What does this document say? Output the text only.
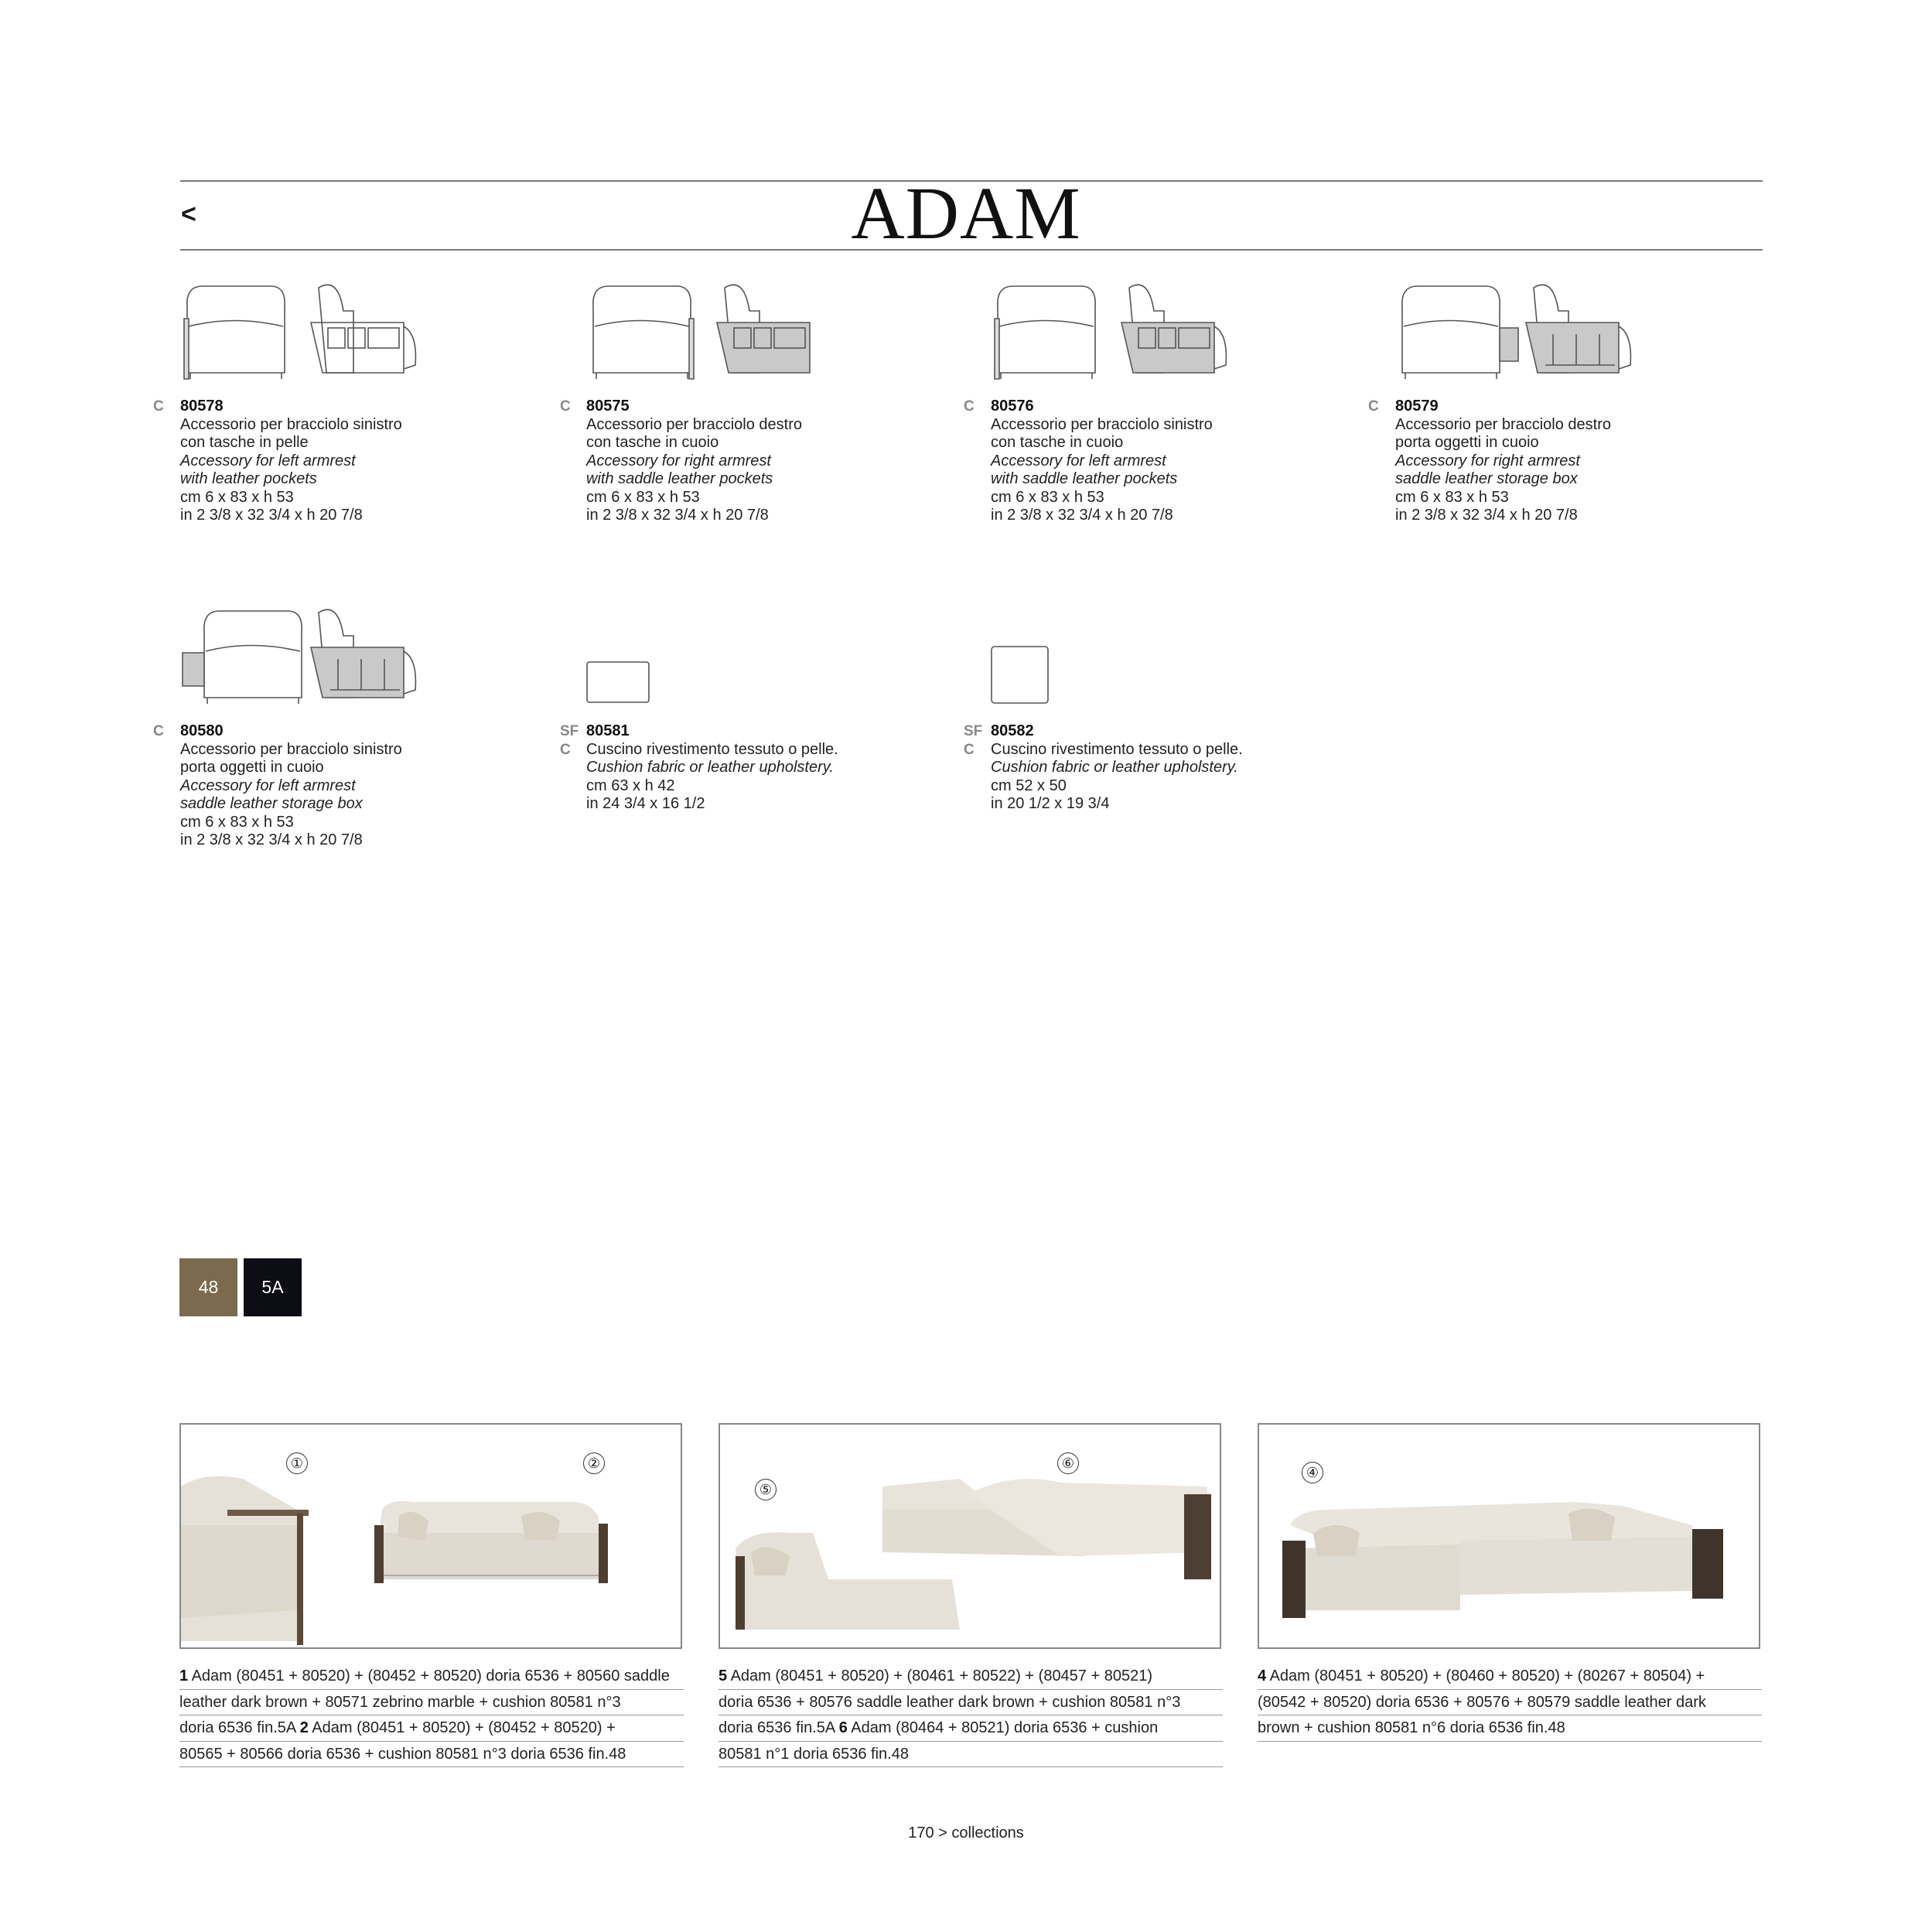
<	ADAM
C 80578
Accessorio per bracciolo sinistro
con tasche in pelle
Accessory for left armrest
with leather pockets
cm 6 x 83 x h 53
in 2 3/8 x 32 3/4 x h 20 7/8
C 80575
Accessorio per bracciolo destro
con tasche in cuoio
Accessory for right armrest
with saddle leather pockets
cm 6 x 83 x h 53
in 2 3/8 x 32 3/4 x h 20 7/8
C 80576
Accessorio per bracciolo sinistro
con tasche in cuoio
Accessory for left armrest
with saddle leather pockets
cm 6 x 83 x h 53
in 2 3/8 x 32 3/4 x h 20 7/8
C 80579
Accessorio per bracciolo destro
porta oggetti in cuoio
Accessory for right armrest
saddle leather storage box
cm 6 x 83 x h 53
in 2 3/8 x 32 3/4 x h 20 7/8
C 80580
Accessorio per bracciolo sinistro
porta oggetti in cuoio
Accessory for left armrest
saddle leather storage box
cm 6 x 83 x h 53
in 2 3/8 x 32 3/4 x h 20 7/8
SF
C
80581
Cuscino rivestimento tessuto o pelle.
Cushion fabric or leather upholstery.
cm 63 x h 42
in 24 3/4 x 16 1/2
SF
C
80582
Cuscino rivestimento tessuto o pelle.
Cushion fabric or leather upholstery.
cm 52 x 50
in 20 1/2 x 19 3/4
48	5A
①	②
⑤
⑥
④
1 Adam (80451 + 80520) + (80452 + 80520) doria 6536 + 80560 saddle
leather dark brown + 80571 zebrino marble + cushion 80581 n°3
doria 6536 fin.5A 2 Adam (80451 + 80520) + (80452 + 80520) +
80565 + 80566 doria 6536 + cushion 80581 n°3 doria 6536 fin.48
5 Adam (80451 + 80520) + (80461 + 80522) + (80457 + 80521)
doria 6536 + 80576 saddle leather dark brown + cushion 80581 n°3
doria 6536 fin.5A 6 Adam (80464 + 80521) doria 6536 + cushion
80581 n°1 doria 6536 fin.48
4 Adam (80451 + 80520) + (80460 + 80520) + (80267 + 80504) +
(80542 + 80520) doria 6536 + 80576 + 80579 saddle leather dark
brown + cushion 80581 n°6 doria 6536 fin.48
170 > collections
